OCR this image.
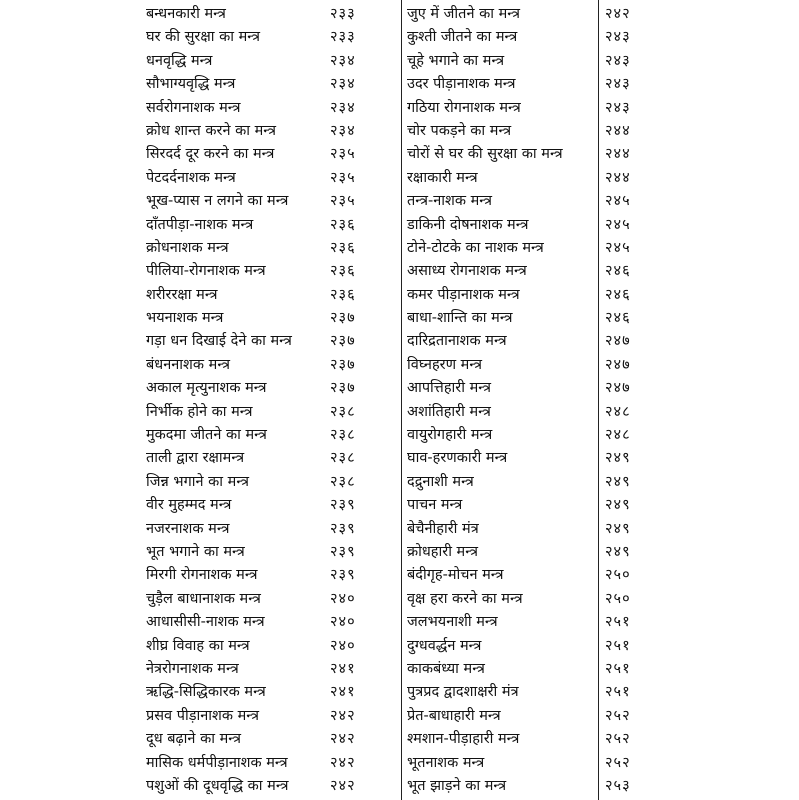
बन्धनकारी मन्त्र	२३३
घर की सुरक्षा का मन्त्र	२३३
धनवृद्धि मन्त्र	२३४
सौभाग्यवृद्धि मन्त्र	२३४
सर्वरोगनाशक मन्त्र	२३४
क्रोध शान्त करने का मन्त्र	२३४
सिरदर्द दूर करने का मन्त्र	२३५
पेटदर्दनाशक मन्त्र	२३५
भूख-प्यास न लगने का मन्त्र	२३५
दाँतपीड़ा-नाशक मन्त्र	२३६
क्रोधनाशक मन्त्र	२३६
पीलिया-रोगनाशक मन्त्र	२३६
शरीररक्षा मन्त्र	२३६
भयनाशक मन्त्र	२३७
गड़ा धन दिखाई देने का मन्त्र	२३७
बंधननाशक मन्त्र	२३७
अकाल मृत्युनाशक मन्त्र	२३७
निर्भीक होने का मन्त्र	२३८
मुकदमा जीतने का मन्त्र	२३८
ताली द्वारा रक्षामन्त्र	२३८
जिन्न भगाने का मन्त्र	२३८
वीर मुहम्मद मन्त्र	२३९
नजरनाशक मन्त्र	२३९
भूत भगाने का मन्त्र	२३९
मिरगी रोगनाशक मन्त्र	२३९
चुड़ैल बाधानाशक मन्त्र	२४०
आधासीसी-नाशक मन्त्र	२४०
शीघ्र विवाह का मन्त्र	२४०
नेत्ररोगनाशक मन्त्र	२४१
ऋद्धि-सिद्धिकारक मन्त्र	२४१
प्रसव पीड़ानाशक मन्त्र	२४२
दूध बढ़ाने का मन्त्र	२४२
मासिक धर्मपीड़ानाशक मन्त्र	२४२
पशुओं की दूधवृद्धि का मन्त्र	२४२
जुए में जीतने का मन्त्र	२४२
कुश्ती जीतने का मन्त्र	२४३
चूहे भगाने का मन्त्र	२४३
उदर पीड़ानाशक मन्त्र	२४३
गठिया रोगनाशक मन्त्र	२४३
चोर पकड़ने का मन्त्र	२४४
चोरों से घर की सुरक्षा का मन्त्र	२४४
रक्षाकारी मन्त्र	२४४
तन्त्र-नाशक मन्त्र	२४५
डाकिनी दोषनाशक मन्त्र	२४५
टोने-टोटके का नाशक मन्त्र	२४५
असाध्य रोगनाशक मन्त्र	२४६
कमर पीड़ानाशक मन्त्र	२४६
बाधा-शान्ति का मन्त्र	२४६
दारिद्रतानाशक मन्त्र	२४७
विघ्नहरण मन्त्र	२४७
आपत्तिहारी मन्त्र	२४७
अशांतिहारी मन्त्र	२४८
वायुरोगहारी मन्त्र	२४८
घाव-हरणकारी मन्त्र	२४९
दद्रुनाशी मन्त्र	२४९
पाचन मन्त्र	२४९
बेचैनीहारी मंत्र	२४९
क्रोधहारी मन्त्र	२४९
बंदीगृह-मोचन मन्त्र	२५०
वृक्ष हरा करने का मन्त्र	२५०
जलभयनाशी मन्त्र	२५१
दुग्धवर्द्धन मन्त्र	२५१
काकबंध्या मन्त्र	२५१
पुत्रप्रद द्वादशाक्षरी मंत्र	२५१
प्रेत-बाधाहारी मन्त्र	२५२
श्मशान-पीड़ाहारी मन्त्र	२५२
भूतनाशक मन्त्र	२५२
भूत झाड़ने का मन्त्र	२५३
